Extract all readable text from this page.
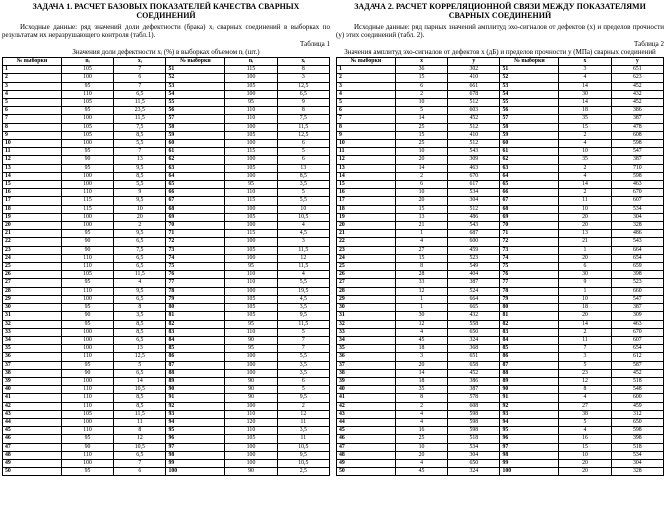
ЗАДАЧА 1. РАСЧЕТ БАЗОВЫХ ПОКАЗАТЕЛЕЙ КАЧЕСТВА СВАРНЫХ СОЕДИНЕНИЙ
Исходные данные: ряд значений доли дефектности (брака) xᵢ сварных соединений в выборках по результатам их неразрушающего контроля (табл.1).
Таблица 1
Значения доли дефектности xᵢ (%) в выборках объемом nᵢ (шт.)
№ выборки	nᵢ	xᵢ	№ выборки	nᵢ	xᵢ
1	105	7	51	115	8
2	100	6	52	100	3
3	95	7	53	105	12,5
4	110	6,5	54	100	6,5
5	105	11,5	55	95	9
6	95	23,5	56	110	8
7	100	11,5	57	110	7,5
8	105	7,5	58	100	11,5
9	105	8,5	59	105	12,5
10	100	5,5	60	100	6
11	95	7	61	115	5
12	90	13	62	100	6
13	95	9,5	63	105	13
14	100	8,5	64	100	8,5
15	100	5,5	65	95	3,5
16	110	9	66	110	5
17	115	9,5	67	115	5,5
18	115	10	68	100	10
19	100	20	69	105	10,5
20	100	2	70	100	4
21	95	9,5	71	115	4,5
22	90	6,5	72	100	3
23	90	7,5	73	105	11,5
24	110	6,5	74	100	12
25	110	6,5	75	95	11,5
26	105	11,5	76	110	4
27	95	4	77	110	5,5
28	110	9,5	78	100	19,5
29	100	6,5	79	105	4,5
30	95	8	80	105	3,5
31	90	3,5	81	105	9,5
32	95	8,5	82	95	11,5
33	100	8,5	83	110	5
34	100	6,5	84	90	7
35	100	13	85	95	7
36	110	12,5	86	100	5,5
37	95	5	87	100	3,5
38	90	6,5	88	100	3,5
39	100	14	89	90	6
40	110	10,5	90	90	5
41	110	8,5	91	90	9,5
42	110	8,5	92	100	2
43	105	11,5	93	110	12
44	100	11	94	120	11
45	110	8	95	110	3,5
46	95	12	96	105	11
47	90	10,5	97	100	10,5
48	110	6,5	98	100	9,5
49	100	7	99	100	10,5
50	95	6	100	90	2,5
ЗАДАЧА 2. РАСЧЕТ КОРРЕЛЯЦИОННОЙ СВЯЗИ МЕЖДУ ПОКАЗАТЕЛЯМИ СВАРНЫХ СОЕДИНЕНИЙ
Исходные данные: ряд парных значений амплитуд эхо-сигналов от дефектов (x) и пределов прочности (y) этих соединений (табл. 2).
Таблица 2
Значения амплитуд эхо-сигналов от дефектов x (дБ) и пределов прочности y (МПа) сварных соединений
№ выборки	x	y	№ выборки	x	y
1	36	302	51	3	651
2	15	410	52	4	623
3	6	661	53	14	452
4	2	678	54	30	432
5	10	512	55	14	452
6	5	603	56	18	386
7	14	452	57	35	387
8	25	512	58	15	478
9	15	410	59	2	608
10	25	512	60	4	598
11	10	543	61	10	547
12	20	309	62	35	387
13	14	463	63	2	710
14	2	670	64	4	598
15	6	617	65	14	463
16	10	534	66	2	670
17	20	304	67	11	607
18	15	512	68	10	534
19	13	486	69	20	304
20	21	543	70	20	328
21	1	687	71	13	486
22	4	600	72	21	543
23	27	459	73	1	664
24	15	523	74	20	654
25	8	549	75	6	659
26	28	404	76	30	398
27	33	387	77	9	523
28	12	524	78	1	660
29	1	664	79	10	547
30	1	665	80	18	387
31	30	432	81	20	309
32	12	558	82	14	463
33	4	650	83	2	670
34	45	324	84	11	607
35	18	368	85	7	654
36	3	651	86	3	612
37	20	658	87	5	587
38	14	452	88	23	452
39	18	386	89	12	518
40	35	387	90	8	548
41	8	578	91	4	600
42	2	608	92	27	459
43	4	598	93	38	312
44	4	598	94	5	650
45	16	598	95	4	598
46	25	518	96	16	398
47	10	534	97	15	518
48	20	304	98	10	534
49	4	650	99	20	304
50	45	324	100	20	328
